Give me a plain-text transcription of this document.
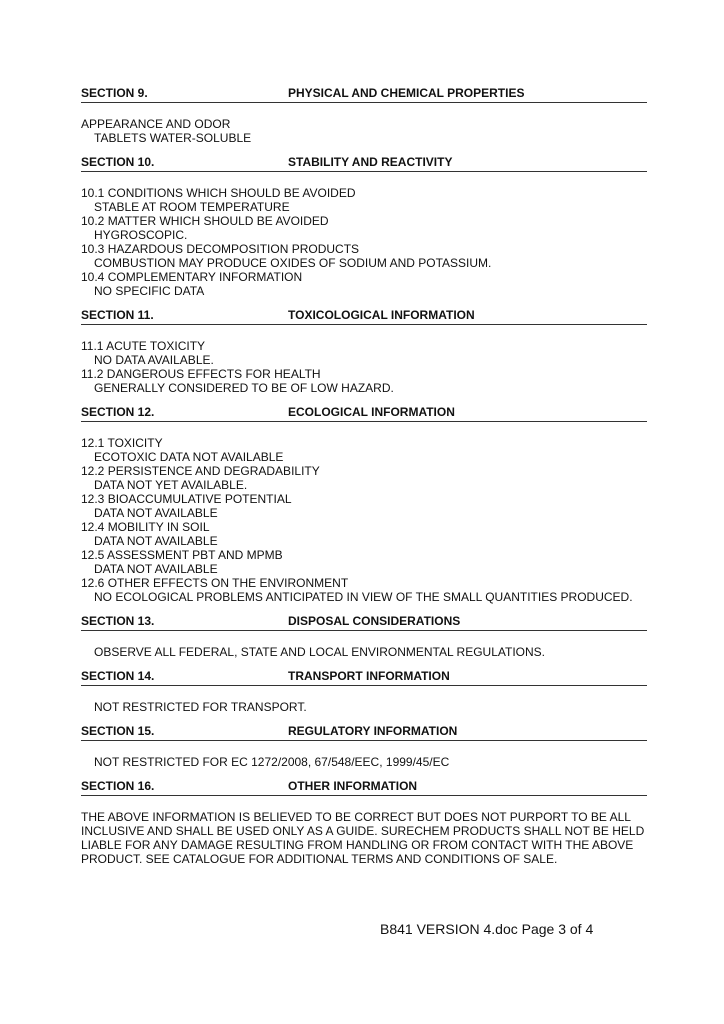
SECTION 9.	PHYSICAL AND CHEMICAL PROPERTIES
APPEARANCE AND ODOR
TABLETS WATER-SOLUBLE
SECTION 10.	STABILITY AND REACTIVITY
10.1 CONDITIONS WHICH SHOULD BE AVOIDED
STABLE AT ROOM TEMPERATURE
10.2 MATTER WHICH SHOULD BE AVOIDED
HYGROSCOPIC.
10.3 HAZARDOUS DECOMPOSITION PRODUCTS
COMBUSTION MAY PRODUCE OXIDES OF SODIUM AND POTASSIUM.
10.4 COMPLEMENTARY INFORMATION
NO SPECIFIC DATA
SECTION 11.	TOXICOLOGICAL INFORMATION
11.1 ACUTE TOXICITY
NO DATA AVAILABLE.
11.2 DANGEROUS EFFECTS FOR HEALTH
GENERALLY CONSIDERED TO BE OF LOW HAZARD.
SECTION 12.	ECOLOGICAL INFORMATION
12.1 TOXICITY
ECOTOXIC DATA NOT AVAILABLE
12.2 PERSISTENCE AND DEGRADABILITY
DATA NOT YET AVAILABLE.
12.3 BIOACCUMULATIVE POTENTIAL
DATA NOT AVAILABLE
12.4 MOBILITY IN SOIL
DATA NOT AVAILABLE
12.5 ASSESSMENT PBT AND MPMB
DATA NOT AVAILABLE
12.6 OTHER EFFECTS ON THE ENVIRONMENT
NO ECOLOGICAL PROBLEMS ANTICIPATED IN VIEW OF THE SMALL QUANTITIES PRODUCED.
SECTION 13.	DISPOSAL CONSIDERATIONS
OBSERVE ALL FEDERAL, STATE AND LOCAL ENVIRONMENTAL REGULATIONS.
SECTION 14.	TRANSPORT INFORMATION
NOT RESTRICTED FOR TRANSPORT.
SECTION 15.	REGULATORY INFORMATION
NOT RESTRICTED FOR EC 1272/2008, 67/548/EEC, 1999/45/EC
SECTION 16.	OTHER INFORMATION
THE ABOVE INFORMATION IS BELIEVED TO BE CORRECT BUT DOES NOT PURPORT TO BE ALL INCLUSIVE AND SHALL BE USED ONLY AS A GUIDE. SURECHEM PRODUCTS SHALL NOT BE HELD LIABLE FOR ANY DAMAGE RESULTING FROM HANDLING OR FROM CONTACT WITH THE ABOVE PRODUCT. SEE CATALOGUE FOR ADDITIONAL TERMS AND CONDITIONS OF SALE.
B841 VERSION 4.doc Page 3 of 4
